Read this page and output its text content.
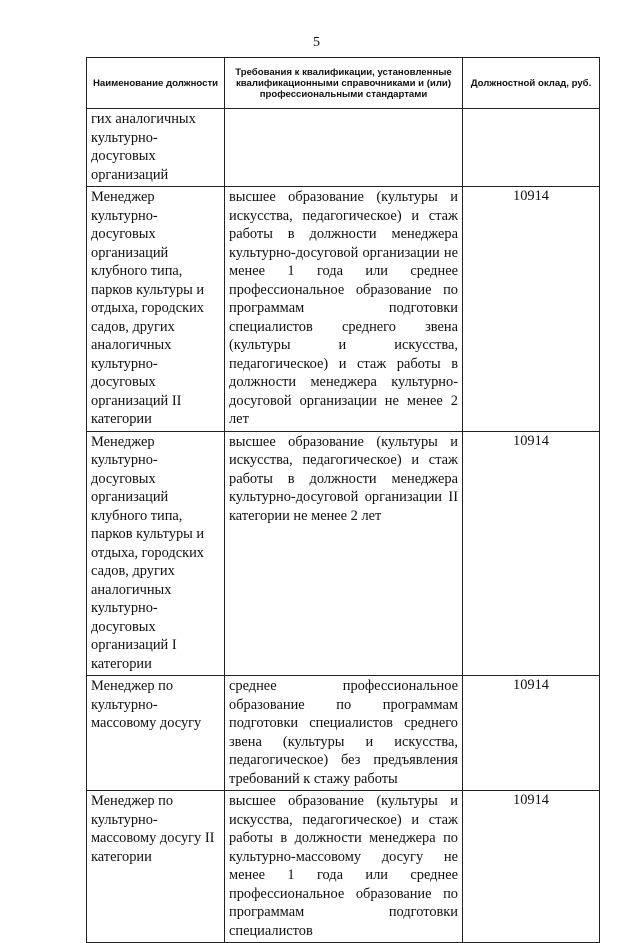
5
Наименование должности	Требования к квалификации, установленные квалификационными справочниками и (или) профессиональными стандартами	Должностной оклад, руб.
гих аналогичных культурно-досуговых организаций		
Менеджер культурно-досуговых организаций клубного типа, парков культуры и отдыха, городских садов, других аналогичных культурно-досуговых организаций II категории	высшее образование (культуры и искусства, педагогическое) и стаж работы в должности менеджера культурно-досуговой организации не менее 1 года или среднее профессиональное образование по программам подготовки специалистов среднего звена (культуры и искусства, педагогическое) и стаж работы в должности менеджера культурно-досуговой организации не менее 2 лет	10914
Менеджер культурно-досуговых организаций клубного типа, парков культуры и отдыха, городских садов, других аналогичных культурно-досуговых организаций I категории	высшее образование (культуры и искусства, педагогическое) и стаж работы в должности менеджера культурно-досуговой организации II категории не менее 2 лет	10914
Менеджер по культурно-массовому досугу	среднее профессиональное образование по программам подготовки специалистов среднего звена (культуры и искусства, педагогическое) без предъявления требований к стажу работы	10914
Менеджер по культурно-массовому досугу II категории	высшее образование (культуры и искусства, педагогическое) и стаж работы в должности менеджера по культурно-массовому досугу не менее 1 года или среднее профессиональное образование по программам подготовки специалистов	10914
